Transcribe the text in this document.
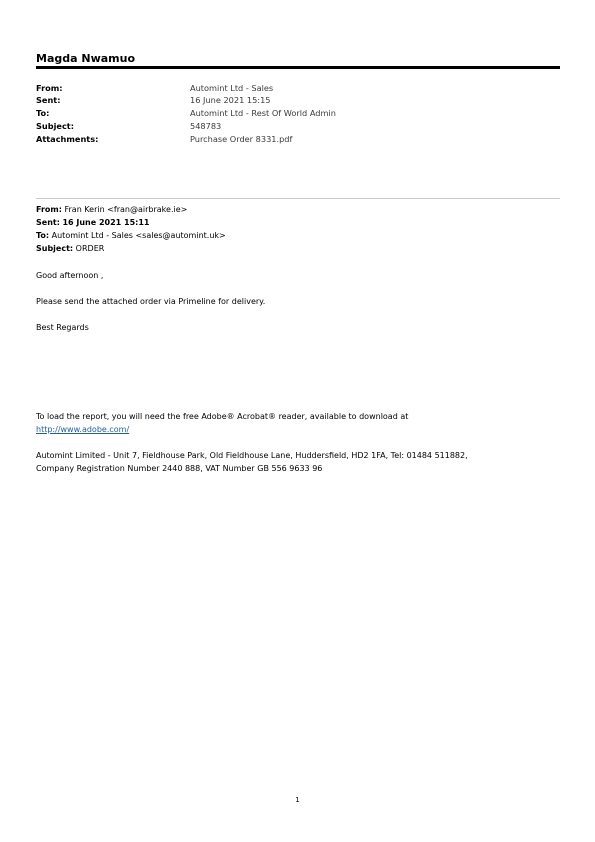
Magda Nwamuo
From:	Automint Ltd - Sales
Sent:	16 June 2021 15:15
To:	Automint Ltd - Rest Of World Admin
Subject:	548783
Attachments:	Purchase Order 8331.pdf
From: Fran Kerin <fran@airbrake.ie>
Sent: 16 June 2021 15:11
To: Automint Ltd - Sales <sales@automint.uk>
Subject: ORDER
Good afternoon ,
Please send the attached order via Primeline for delivery.
Best Regards
To load the report, you will need the free Adobe® Acrobat® reader, available to download at
http://www.adobe.com/
Automint Limited - Unit 7, Fieldhouse Park, Old Fieldhouse Lane, Huddersfield, HD2 1FA, Tel: 01484 511882,
Company Registration Number 2440 888, VAT Number GB 556 9633 96
1
